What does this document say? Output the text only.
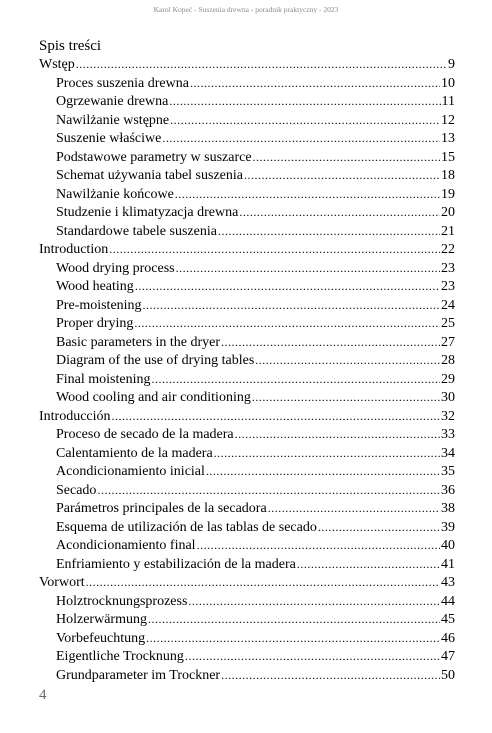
Karol Kopeć - Suszenia drewna - poradnik praktyczny - 2023
Spis treści
Wstęp .....	9
Proces suszenia drewna .....	10
Ogrzewanie drewna .....	11
Nawilżanie wstępne .....	12
Suszenie właściwe .....	13
Podstawowe parametry w suszarce .....	15
Schemat używania tabel suszenia .....	18
Nawilżanie końcowe .....	19
Studzenie i klimatyzacja drewna .....	20
Standardowe tabele suszenia .....	21
Introduction .....	22
Wood drying process .....	23
Wood heating .....	23
Pre-moistening .....	24
Proper drying .....	25
Basic parameters in the dryer .....	27
Diagram of the use of drying tables .....	28
Final moistening .....	29
Wood cooling and air conditioning .....	30
Introducción .....	32
Proceso de secado de la madera .....	33
Calentamiento de la madera .....	34
Acondicionamiento inicial .....	35
Secado .....	36
Parámetros principales de la secadora .....	38
Esquema de utilización de las tablas de secado .....	39
Acondicionamiento final .....	40
Enfriamiento y estabilización de la madera .....	41
Vorwort .....	43
Holztrocknungsprozess .....	44
Holzerwärmung .....	45
Vorbefeuchtung .....	46
Eigentliche Trocknung .....	47
Grundparameter im Trockner .....	50
4
